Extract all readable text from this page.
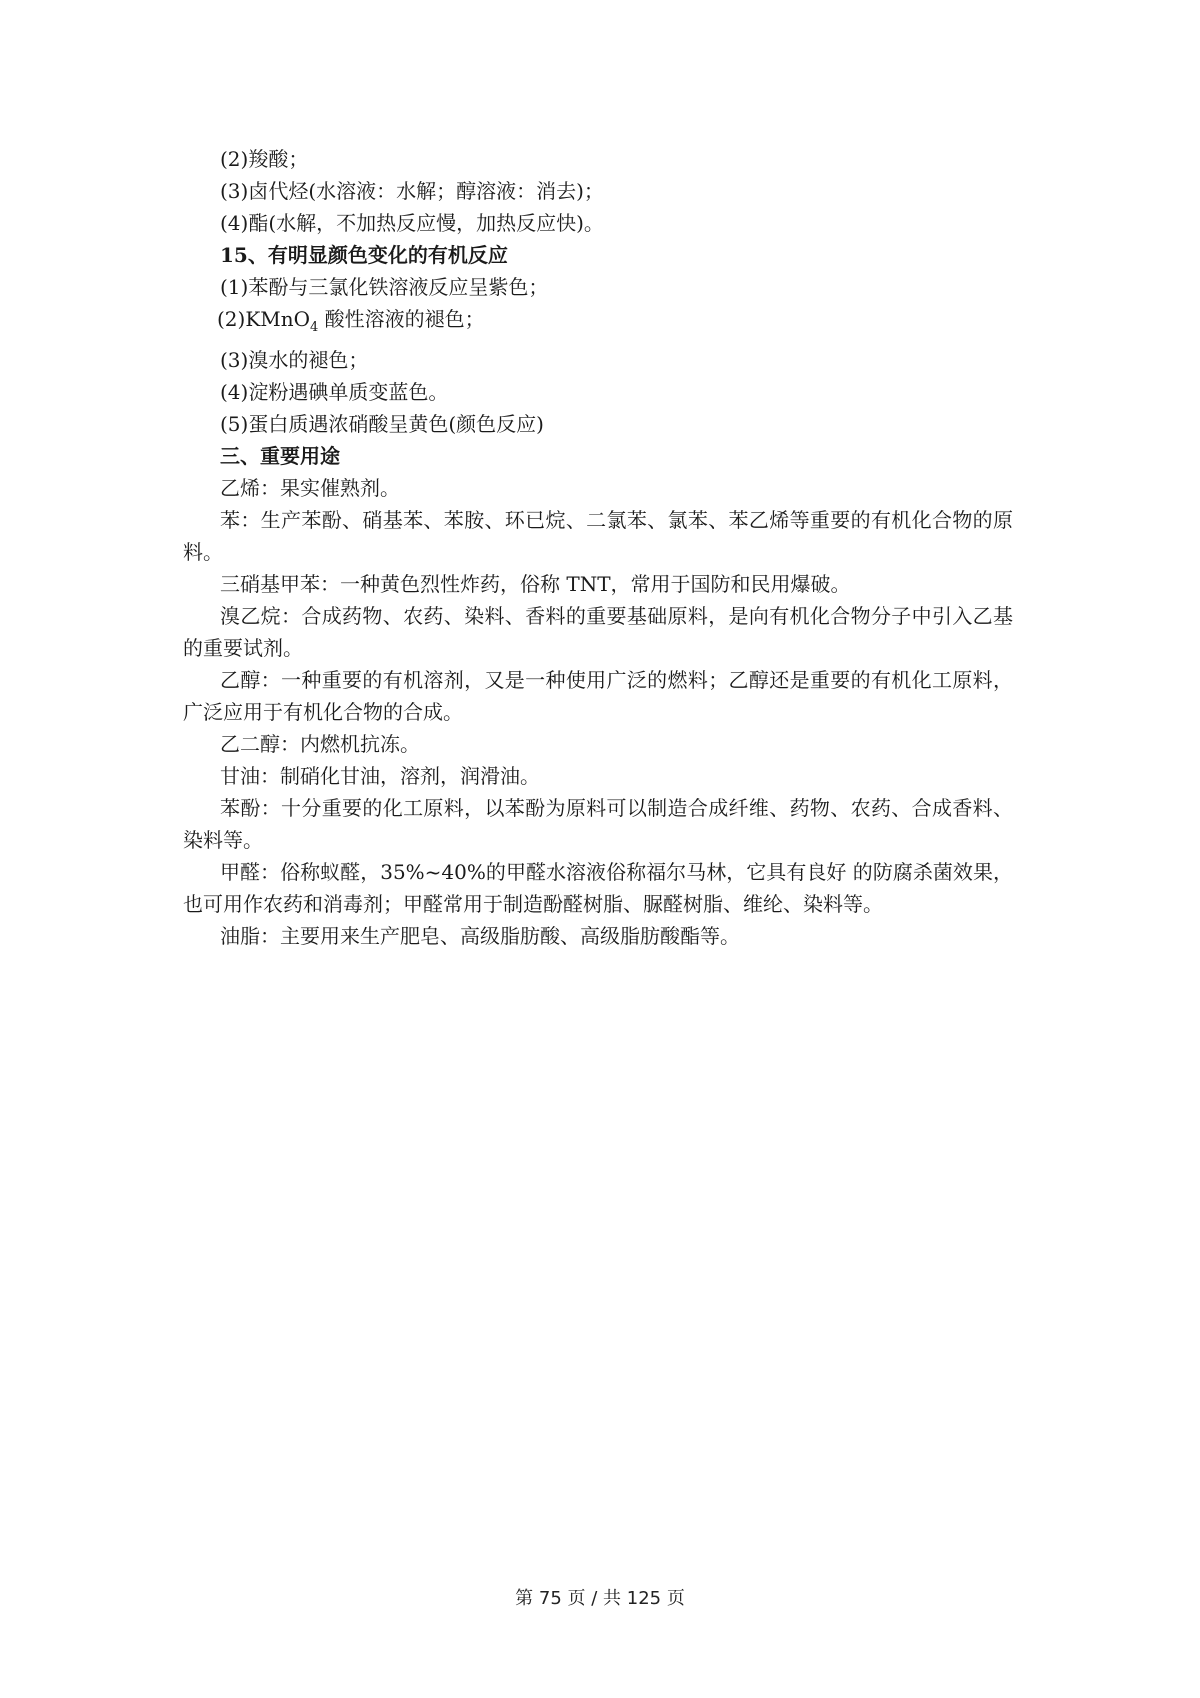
(2)羧酸；

(3)卤代烃(水溶液：水解；醇溶液：消去)；

(4)酯(水解，不加热反应慢，加热反应快)。

15、有明显颜色变化的有机反应

(1)苯酚与三氯化铁溶液反应呈紫色；

(2)KMnO$_4$ 酸性溶液的褪色；

(3)溴水的褪色；

(4)淀粉遇碘单质变蓝色。

(5)蛋白质遇浓硝酸呈黄色(颜色反应)

三、重要用途

乙烯：果实催熟剂。

苯：生产苯酚、硝基苯、苯胺、环已烷、二氯苯、氯苯、苯乙烯等重要的有机化合物的原料。

三硝基甲苯：一种黄色烈性炸药，俗称 TNT，常用于国防和民用爆破。

溴乙烷：合成药物、农药、染料、香料的重要基础原料，是向有机化合物分子中引入乙基的重要试剂。

乙醇：一种重要的有机溶剂，又是一种使用广泛的燃料；乙醇还是重要的有机化工原料，广泛应用于有机化合物的合成。

乙二醇：内燃机抗冻。

甘油：制硝化甘油，溶剂，润滑油。

苯酚：十分重要的化工原料，以苯酚为原料可以制造合成纤维、药物、农药、合成香料、染料等。

甲醛：俗称蚁醛，35%~40%的甲醛水溶液俗称福尔马林，它具有良好 的防腐杀菌效果，也可用作农药和消毒剂；甲醛常用于制造酚醛树脂、脲醛树脂、维纶、染料等。

油脂：主要用来生产肥皂、高级脂肪酸、高级脂肪酸酯等。

第 75 页 / 共 125 页
